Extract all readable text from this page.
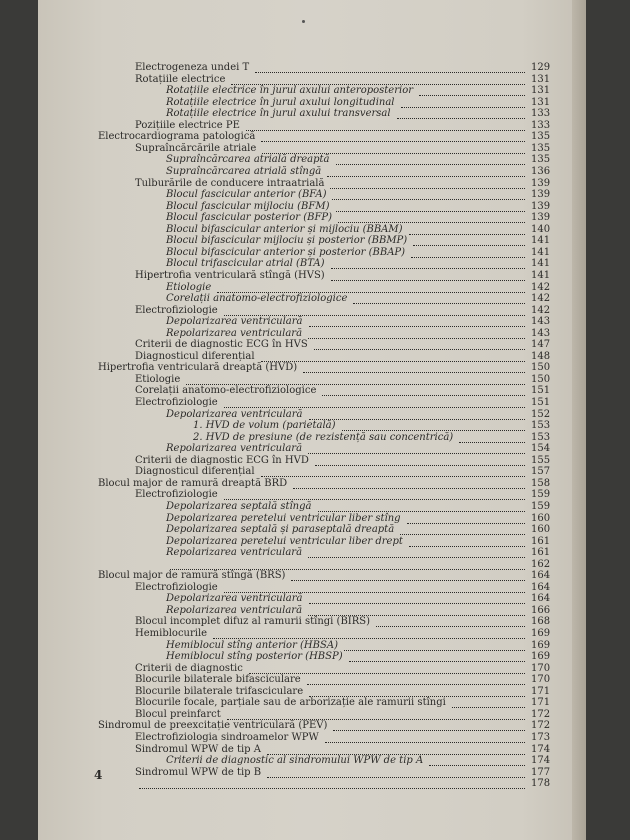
Electrogeneza undei T	129
Rotațiile electrice	131
Rotațiile electrice în jurul axului anteroposterior	131
Rotațiile electrice în jurul axului longitudinal	131
Rotațiile electrice în jurul axului transversal	133
Pozițiile electrice PE	133
Electrocardiograma patologică	135
Supraîncărcările atriale	135
Supraîncărcarea atrială dreaptă	135
Supraîncărcarea atrială stîngă	136
Tulburările de conducere intraatrială	139
Blocul fascicular anterior (BFA)	139
Blocul fascicular mijlociu (BFM)	139
Blocul fascicular posterior (BFP)	139
Blocul bifascicular anterior și mijlociu (BBAM)	140
Blocul bifascicular mijlociu și posterior (BBMP)	141
Blocul bifascicular anterior și posterior (BBAP)	141
Blocul trifascicular atrial (BTA)	141
Hipertrofia ventriculară stîngă (HVS)	141
Etiologie	142
Corelații anatomo-electrofiziologice	142
Electrofiziologie	142
Depolarizarea ventriculară	143
Repolarizarea ventriculară	143
Criterii de diagnostic ECG în HVS	147
Diagnosticul diferențial	148
Hipertrofia ventriculară dreaptă (HVD)	150
Etiologie	150
Corelații anatomo-electrofiziologice	151
Electrofiziologie	151
Depolarizarea ventriculară	152
1. HVD de volum (parietală)	153
2. HVD de presiune (de rezistență sau concentrică)	153
Repolarizarea ventriculară	154
Criterii de diagnostic ECG în HVD	155
Diagnosticul diferențial	157
Blocul major de ramură dreaptă BRD	158
Electrofiziologie	159
Depolarizarea septală stîngă	159
Depolarizarea peretelui ventricular liber stîng	160
Depolarizarea septală și paraseptală dreaptă	160
Depolarizarea peretelui ventricular liber drept	161
Repolarizarea ventriculară	161
162
Blocul major de ramură stîngă (BRS)	164
Electrofiziologie	164
Depolarizarea ventriculară	164
Repolarizarea ventriculară	166
Blocul incomplet difuz al ramurii stîngi (BIRS)	168
Hemiblocurile	169
Hemiblocul stîng anterior (HBSA)	169
Hemiblocul stîng posterior (HBSP)	169
Criterii de diagnostic	170
Blocurile bilaterale bifasciculare	170
Blocurile bilaterale trifasciculare	171
Blocurile focale, parțiale sau de arborizație ale ramurii stîngi	171
Blocul preinfarct	172
Sindromul de preexcitație ventriculară (PEV)	172
Electrofiziologia sindroamelor WPW	173
Sindromul WPW de tip A	174
Criterii de diagnostic al sindromului WPW de tip A	174
Sindromul WPW de tip B	177
178
4
